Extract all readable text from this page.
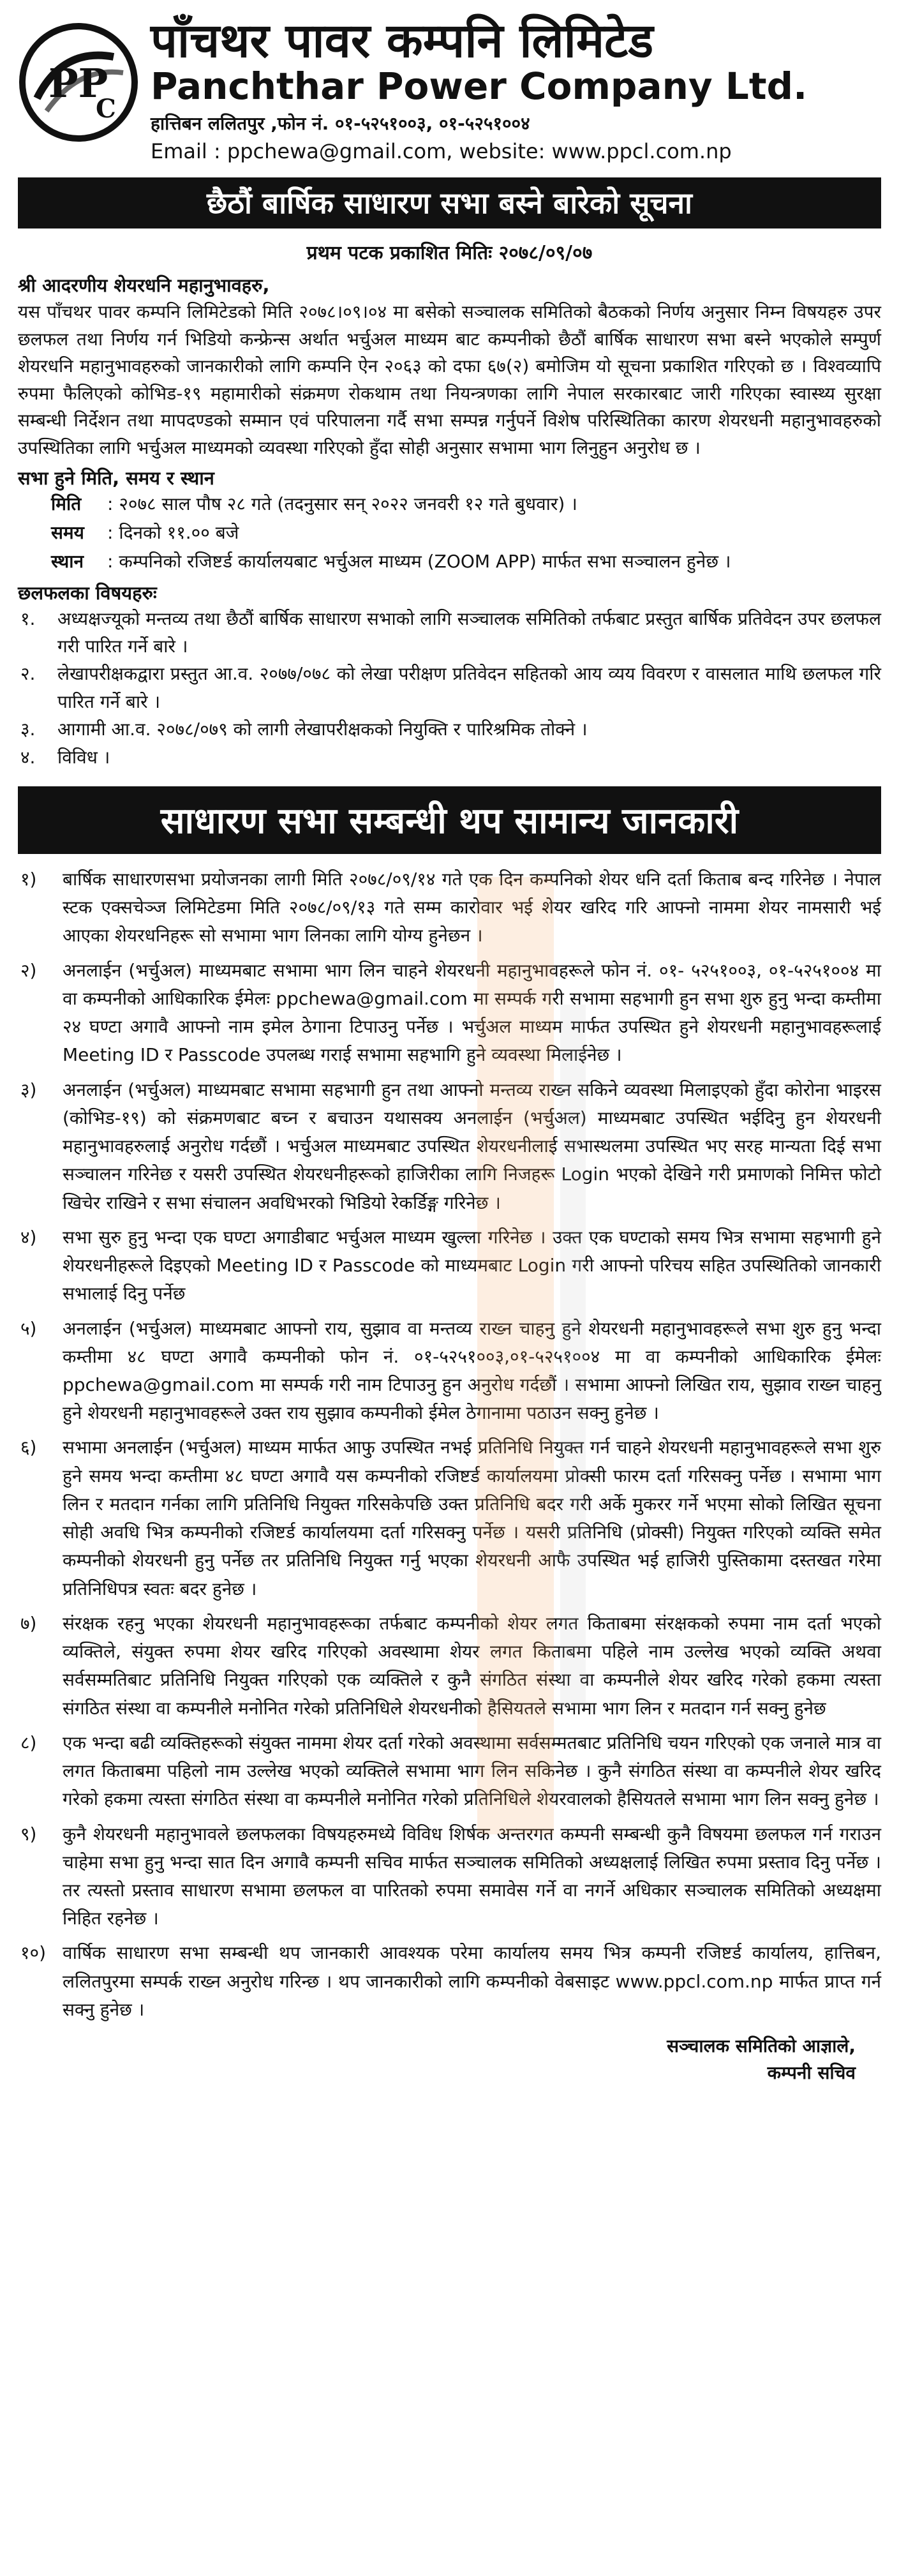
PP
C
पाँचथर पावर कम्पनि लिमिटेड
Panchthar Power Company Ltd.
हात्तिबन ललितपुर ,फोन नं. ०१-५२५१००३, ०१-५२५१००४
Email : ppchewa@gmail.com, website: www.ppcl.com.np
छैठौं बार्षिक साधारण सभा बस्ने बारेको सूचना
प्रथम पटक प्रकाशित मितिः २०७८/०९/०७
श्री आदरणीय शेयरधनि महानुभावहरु,

यस पाँचथर पावर कम्पनि लिमिटेडको मिति २०७८।०९।०४ मा बसेको सञ्चालक समितिको बैठकको निर्णय अनुसार निम्न विषयहरु उपर छलफल तथा निर्णय गर्न भिडियो कन्फ्रेन्स अर्थात भर्चुअल माध्यम बाट कम्पनीको छैठौं बार्षिक साधारण सभा बस्ने भएकोले सम्पुर्ण शेयरधनि महानुभावहरुको जानकारीको लागि कम्पनि ऐन २०६३ को दफा ६७(२) बमोजिम यो सूचना प्रकाशित गरिएको छ । विश्वव्यापि रुपमा फैलिएको कोभिड-१९ महामारीको संक्रमण रोकथाम तथा नियन्त्रणका लागि नेपाल सरकारबाट जारी गरिएका स्वास्थ्य सुरक्षा सम्बन्धी निर्देशन तथा मापदण्डको सम्मान एवं परिपालना गर्दै सभा सम्पन्न गर्नुपर्ने विशेष परिस्थितिका कारण शेयरधनी महानुभावहरुको उपस्थितिका लागि भर्चुअल माध्यमको व्यवस्था गरिएको हुँदा सोही अनुसार सभामा भाग लिनुहुन अनुरोध छ ।

सभा हुने मिति, समय र स्थान
मिति : २०७८ साल पौष २८ गते (तदनुसार सन् २०२२ जनवरी १२ गते बुधवार) ।
समय : दिनको ११.०० बजे
स्थान : कम्पनिको रजिष्टर्ड कार्यालयबाट भर्चुअल माध्यम (ZOOM APP) मार्फत सभा सञ्चालन हुनेछ ।
छलफलका विषयहरुः
१.	अध्यक्षज्यूको मन्तव्य तथा छैठौं बार्षिक साधारण सभाको लागि सञ्चालक समितिको तर्फबाट प्रस्तुत बार्षिक प्रतिवेदन उपर छलफल गरी पारित गर्ने बारे ।
२.	लेखापरीक्षकद्वारा प्रस्तुत आ.व. २०७७/०७८ को लेखा परीक्षण प्रतिवेदन सहितको आय व्यय विवरण र वासलात माथि छलफल गरि पारित गर्ने बारे ।
३.	आगामी आ.व. २०७८/०७९ को लागी लेखापरीक्षकको नियुक्ति र पारिश्रमिक तोक्ने ।
४.	विविध ।
साधारण सभा सम्बन्धी थप सामान्य जानकारी
१)	बार्षिक साधारणसभा प्रयोजनका लागी मिति २०७८/०९/१४ गते एक दिन कम्पनिको शेयर धनि दर्ता किताब बन्द गरिनेछ । नेपाल स्टक एक्सचेञ्ज लिमिटेडमा मिति २०७८/०९/१३ गते सम्म कारोवार भई शेयर खरिद गरि आफ्नो नाममा शेयर नामसारी भई आएका शेयरधनिहरू सो सभामा भाग लिनका लागि योग्य हुनेछन ।
२)	अनलाईन (भर्चुअल) माध्यमबाट सभामा भाग लिन चाहने शेयरधनी महानुभावहरूले फोन नं. ०१- ५२५१००३, ०१-५२५१००४ मा वा कम्पनीको आधिकारिक ईमेलः ppchewa@gmail.com मा सम्पर्क गरी सभामा सहभागी हुन सभा शुरु हुनु भन्दा कम्तीमा २४ घण्टा अगावै आफ्नो नाम इमेल ठेगाना टिपाउनु पर्नेछ । भर्चुअल माध्यम मार्फत उपस्थित हुने शेयरधनी महानुभावहरूलाई Meeting ID र Passcode उपलब्ध गराई सभामा सहभागि हुने व्यवस्था मिलाईनेछ ।
३)	अनलाईन (भर्चुअल) माध्यमबाट सभामा सहभागी हुन तथा आफ्नो मन्तव्य राख्न सकिने व्यवस्था मिलाइएको हुँदा कोरोना भाइरस (कोभिड-१९) को संक्रमणबाट बच्न र बचाउन यथासक्य अनलाईन (भर्चुअल) माध्यमबाट उपस्थित भईदिनु हुन शेयरधनी महानुभावहरुलाई अनुरोध गर्दछौं । भर्चुअल माध्यमबाट उपस्थित शेयरधनीलाई सभास्थलमा उपस्थित भए सरह मान्यता दिई सभा सञ्चालन गरिनेछ र यसरी उपस्थित शेयरधनीहरूको हाजिरीका लागि निजहरू Login भएको देखिने गरी प्रमाणको निमित्त फोटो खिचेर राखिने र सभा संचालन अवधिभरको भिडियो रेकर्डिङ्ग गरिनेछ ।
४)	सभा सुरु हुनु भन्दा एक घण्टा अगाडीबाट भर्चुअल माध्यम खुल्ला गरिनेछ । उक्त एक घण्टाको समय भित्र सभामा सहभागी हुने शेयरधनीहरूले दिइएको Meeting ID र Passcode को माध्यमबाट Login गरी आफ्नो परिचय सहित उपस्थितिको जानकारी सभालाई दिनु पर्नेछ
५)	अनलाईन (भर्चुअल) माध्यमबाट आफ्नो राय, सुझाव वा मन्तव्य राख्न चाहनु हुने शेयरधनी महानुभावहरूले सभा शुरु हुनु भन्दा कम्तीमा ४८ घण्टा अगावै कम्पनीको फोन नं. ०१-५२५१००३,०१-५२५१००४ मा वा कम्पनीको आधिकारिक ईमेलः ppchewa@gmail.com मा सम्पर्क गरी नाम टिपाउनु हुन अनुरोध गर्दछौं । सभामा आफ्नो लिखित राय, सुझाव राख्न चाहनु हुने शेयरधनी महानुभावहरूले उक्त राय सुझाव कम्पनीको ईमेल ठेगानामा पठाउन सक्नु हुनेछ ।
६)	सभामा अनलाईन (भर्चुअल) माध्यम मार्फत आफु उपस्थित नभई प्रतिनिधि नियुक्त गर्न चाहने शेयरधनी महानुभावहरूले सभा शुरु हुने समय भन्दा कम्तीमा ४८ घण्टा अगावै यस कम्पनीको रजिष्टर्ड कार्यालयमा प्रोक्सी फारम दर्ता गरिसक्नु पर्नेछ । सभामा भाग लिन र मतदान गर्नका लागि प्रतिनिधि नियुक्त गरिसकेपछि उक्त प्रतिनिधि बदर गरी अर्के मुकरर गर्ने भएमा सोको लिखित सूचना सोही अवधि भित्र कम्पनीको रजिष्टर्ड कार्यालयमा दर्ता गरिसक्नु पर्नेछ । यसरी प्रतिनिधि (प्रोक्सी) नियुक्त गरिएको व्यक्ति समेत कम्पनीको शेयरधनी हुनु पर्नेछ तर प्रतिनिधि नियुक्त गर्नु भएका शेयरधनी आफै उपस्थित भई हाजिरी पुस्तिकामा दस्तखत गरेमा प्रतिनिधिपत्र स्वतः बदर हुनेछ ।
७)	संरक्षक रहनु भएका शेयरधनी महानुभावहरूका तर्फबाट कम्पनीको शेयर लगत किताबमा संरक्षकको रुपमा नाम दर्ता भएको व्यक्तिले, संयुक्त रुपमा शेयर खरिद गरिएको अवस्थामा शेयर लगत किताबमा पहिले नाम उल्लेख भएको व्यक्ति अथवा सर्वसम्मतिबाट प्रतिनिधि नियुक्त गरिएको एक व्यक्तिले र कुनै संगठित संस्था वा कम्पनीले शेयर खरिद गरेको हकमा त्यस्ता संगठित संस्था वा कम्पनीले मनोनित गरेको प्रतिनिधिले शेयरधनीको हैसियतले सभामा भाग लिन र मतदान गर्न सक्नु हुनेछ
८)	एक भन्दा बढी व्यक्तिहरूको संयुक्त नाममा शेयर दर्ता गरेको अवस्थामा सर्वसम्मतबाट प्रतिनिधि चयन गरिएको एक जनाले मात्र वा लगत किताबमा पहिलो नाम उल्लेख भएको व्यक्तिले सभामा भाग लिन सकिनेछ । कुनै संगठित संस्था वा कम्पनीले शेयर खरिद गरेको हकमा त्यस्ता संगठित संस्था वा कम्पनीले मनोनित गरेको प्रतिनिधिले शेयरवालको हैसियतले सभामा भाग लिन सक्नु हुनेछ ।
९)	कुनै शेयरधनी महानुभावले छलफलका विषयहरुमध्ये विविध शिर्षक अन्तरगत कम्पनी सम्बन्धी कुनै विषयमा छलफल गर्न गराउन चाहेमा सभा हुनु भन्दा सात दिन अगावै कम्पनी सचिव मार्फत सञ्चालक समितिको अध्यक्षलाई लिखित रुपमा प्रस्ताव दिनु पर्नेछ । तर त्यस्तो प्रस्ताव साधारण सभामा छलफल वा पारितको रुपमा समावेस गर्ने वा नगर्ने अधिकार सञ्चालक समितिको अध्यक्षमा निहित रहनेछ ।
१०) वार्षिक साधारण सभा सम्बन्धी थप जानकारी आवश्यक परेमा कार्यालय समय भित्र कम्पनी रजिष्टर्ड कार्यालय, हात्तिबन, ललितपुरमा सम्पर्क राख्न अनुरोध गरिन्छ । थप जानकारीको लागि कम्पनीको वेबसाइट www.ppcl.com.np मार्फत प्राप्त गर्न सक्नु हुनेछ ।
सञ्चालक समितिको आज्ञाले,
कम्पनी सचिव
